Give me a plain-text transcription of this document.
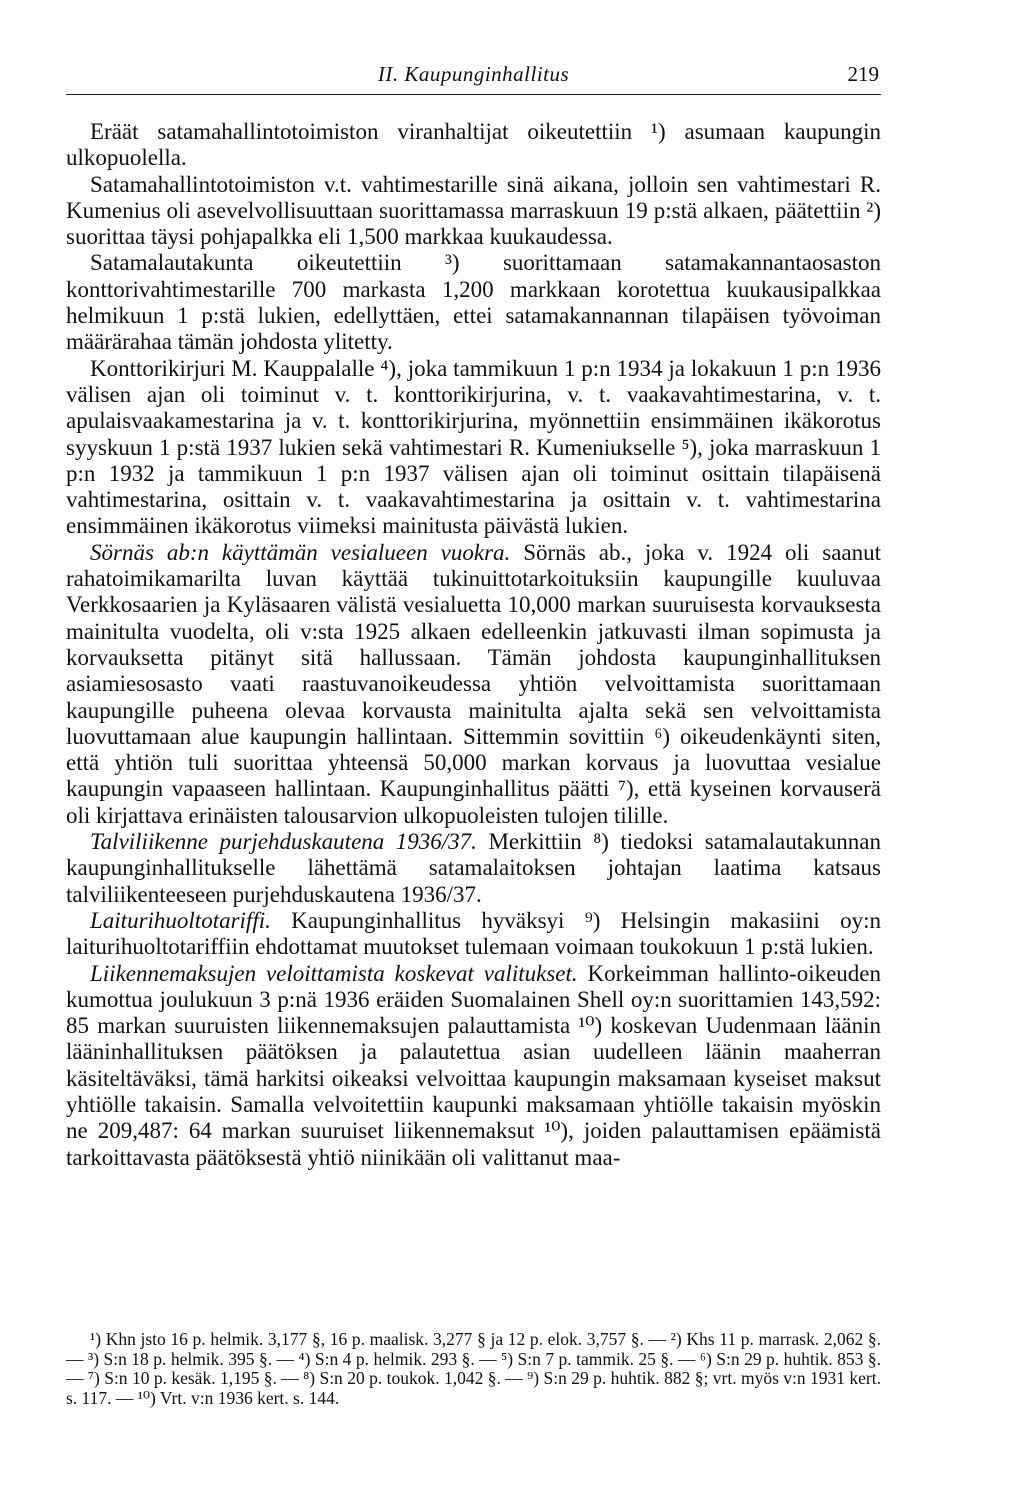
II. Kaupunginhallitus	219

Eräät satamahallintotoimiston viranhaltijat oikeutettiin ¹) asumaan kaupungin ulkopuolella.

Satamahallintotoimiston v.t. vahtimestarille sinä aikana, jolloin sen vahtimestari R. Kumenius oli asevelvollisuuttaan suorittamassa marraskuun 19 p:stä alkaen, päätettiin ²) suorittaa täysi pohjapalkka eli 1,500 markkaa kuukaudessa.

Satamalautakunta oikeutettiin ³) suorittamaan satamakannantaosaston konttorivahtimestarille 700 markasta 1,200 markkaan korotettua kuukausipalkkaa helmikuun 1 p:stä lukien, edellyttäen, ettei satamakannannan tilapäisen työvoiman määrärahaa tämän johdosta ylitetty.

Konttorikirjuri M. Kauppalalle ⁴), joka tammikuun 1 p:n 1934 ja lokakuun 1 p:n 1936 välisen ajan oli toiminut v. t. konttorikirjurina, v. t. vaakavahtimestarina, v. t. apulaisvaakamestarina ja v. t. konttorikirjurina, myönnettiin ensimmäinen ikäkorotus syyskuun 1 p:stä 1937 lukien sekä vahtimestari R. Kumeniukselle ⁵), joka marraskuun 1 p:n 1932 ja tammikuun 1 p:n 1937 välisen ajan oli toiminut osittain tilapäisenä vahtimestarina, osittain v. t. vaakavahtimestarina ja osittain v. t. vahtimestarina ensimmäinen ikäkorotus viimeksi mainitusta päivästä lukien.

Sörnäs ab:n käyttämän vesialueen vuokra. Sörnäs ab., joka v. 1924 oli saanut rahatoimikamarilta luvan käyttää tukinuittotarkoituksiin kaupungille kuuluvaa Verkkosaarien ja Kyläsaaren välistä vesialuetta 10,000 markan suuruisesta korvauksesta mainitulta vuodelta, oli v:sta 1925 alkaen edelleenkin jatkuvasti ilman sopimusta ja korvauksetta pitänyt sitä hallussaan. Tämän johdosta kaupunginhallituksen asiamiesosasto vaati raastuvanoikeudessa yhtiön velvoittamista suorittamaan kaupungille puheena olevaa korvausta mainitulta ajalta sekä sen velvoittamista luovuttamaan alue kaupungin hallintaan. Sittemmin sovittiin ⁶) oikeudenkäynti siten, että yhtiön tuli suorittaa yhteensä 50,000 markan korvaus ja luovuttaa vesialue kaupungin vapaaseen hallintaan. Kaupunginhallitus päätti ⁷), että kyseinen korvauserä oli kirjattava erinäisten talousarvion ulkopuoleisten tulojen tilille.

Talviliikenne purjehduskautena 1936/37. Merkittiin ⁸) tiedoksi satamalautakunnan kaupunginhallitukselle lähettämä satamalaitoksen johtajan laatima katsaus talviliikenteeseen purjehduskautena 1936/37.

Laiturihuoltotariffi. Kaupunginhallitus hyväksyi ⁹) Helsingin makasiini oy:n laiturihuoltotariffiin ehdottamat muutokset tulemaan voimaan toukokuun 1 p:stä lukien.

Liikennemaksujen veloittamista koskevat valitukset. Korkeimman hallinto-oikeuden kumottua joulukuun 3 p:nä 1936 eräiden Suomalainen Shell oy:n suorittamien 143,592: 85 markan suuruisten liikennemaksujen palauttamista ¹⁰) koskevan Uudenmaan läänin lääninhallituksen päätöksen ja palautettua asian uudelleen läänin maaherran käsiteltäväksi, tämä harkitsi oikeaksi velvoittaa kaupungin maksamaan kyseiset maksut yhtiölle takaisin. Samalla velvoitettiin kaupunki maksamaan yhtiölle takaisin myöskin ne 209,487: 64 markan suuruiset liikennemaksut ¹⁰), joiden palauttamisen epäämistä tarkoittavasta päätöksestä yhtiö niinikään oli valittanut maa-

¹) Khn jsto 16 p. helmik. 3,177 §, 16 p. maalisk. 3,277 § ja 12 p. elok. 3,757 §. — ²) Khs 11 p. marrask. 2,062 §. — ³) S:n 18 p. helmik. 395 §. — ⁴) S:n 4 p. helmik. 293 §. — ⁵) S:n 7 p. tammik. 25 §. — ⁶) S:n 29 p. huhtik. 853 §. — ⁷) S:n 10 p. kesäk. 1,195 §. — ⁸) S:n 20 p. toukok. 1,042 §. — ⁹) S:n 29 p. huhtik. 882 §; vrt. myös v:n 1931 kert. s. 117. — ¹⁰) Vrt. v:n 1936 kert. s. 144.
